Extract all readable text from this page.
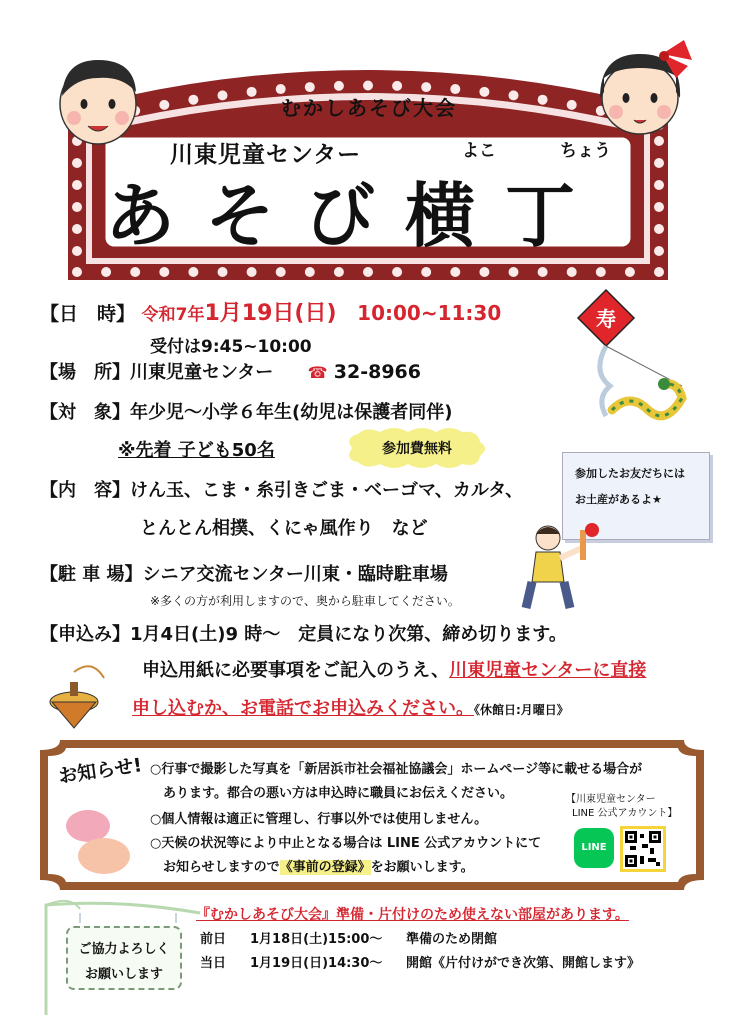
むかしあそび大会
川東児童センター	よこ	ちょう
あそび横丁
【日　時】 令和7年1月19日(日) 10:00~11:30
受付は9:45~10:00
寿
【場　所】川東児童センター ☎ 32-8966
【対　象】年少児～小学６年生(幼児は保護者同伴)
※先着 子ども50名	参加費無料
【内　容】けん玉、こま・糸引きごま・ベーゴマ、カルタ、
とんとん相撲、くにゃ風作り　など
参加したお友だちには
お土産があるよ★
【駐 車 場】シニア交流センター川東・臨時駐車場
※多くの方が利用しますので、奥から駐車してください。
【申込み】1月4日(土)9 時～　定員になり次第、締め切ります。
申込用紙に必要事項をご記入のうえ、川東児童センターに直接
申し込むか、お電話でお申込みください。《休館日:月曜日》
お知らせ! ○行事で撮影した写真を「新居浜市社会福祉協議会」ホームページ等に載せる場合が
　あります。都合の悪い方は申込時に職員にお伝えください。
○個人情報は適正に管理し、行事以外では使用しません。
○天候の状況等により中止となる場合は LINE 公式アカウントにて
　お知らせしますので《事前の登録》をお願いします。
【川東児童センター
LINE 公式アカウント】
LINE
ご協力よろしく
お願いします
『むかしあそび大会』準備・片付けのため使えない部屋があります。
前日 1月18日(土)15:00～ 準備のため閉館
当日 1月19日(日)14:30～ 開館《片付けができ次第、開館します》
